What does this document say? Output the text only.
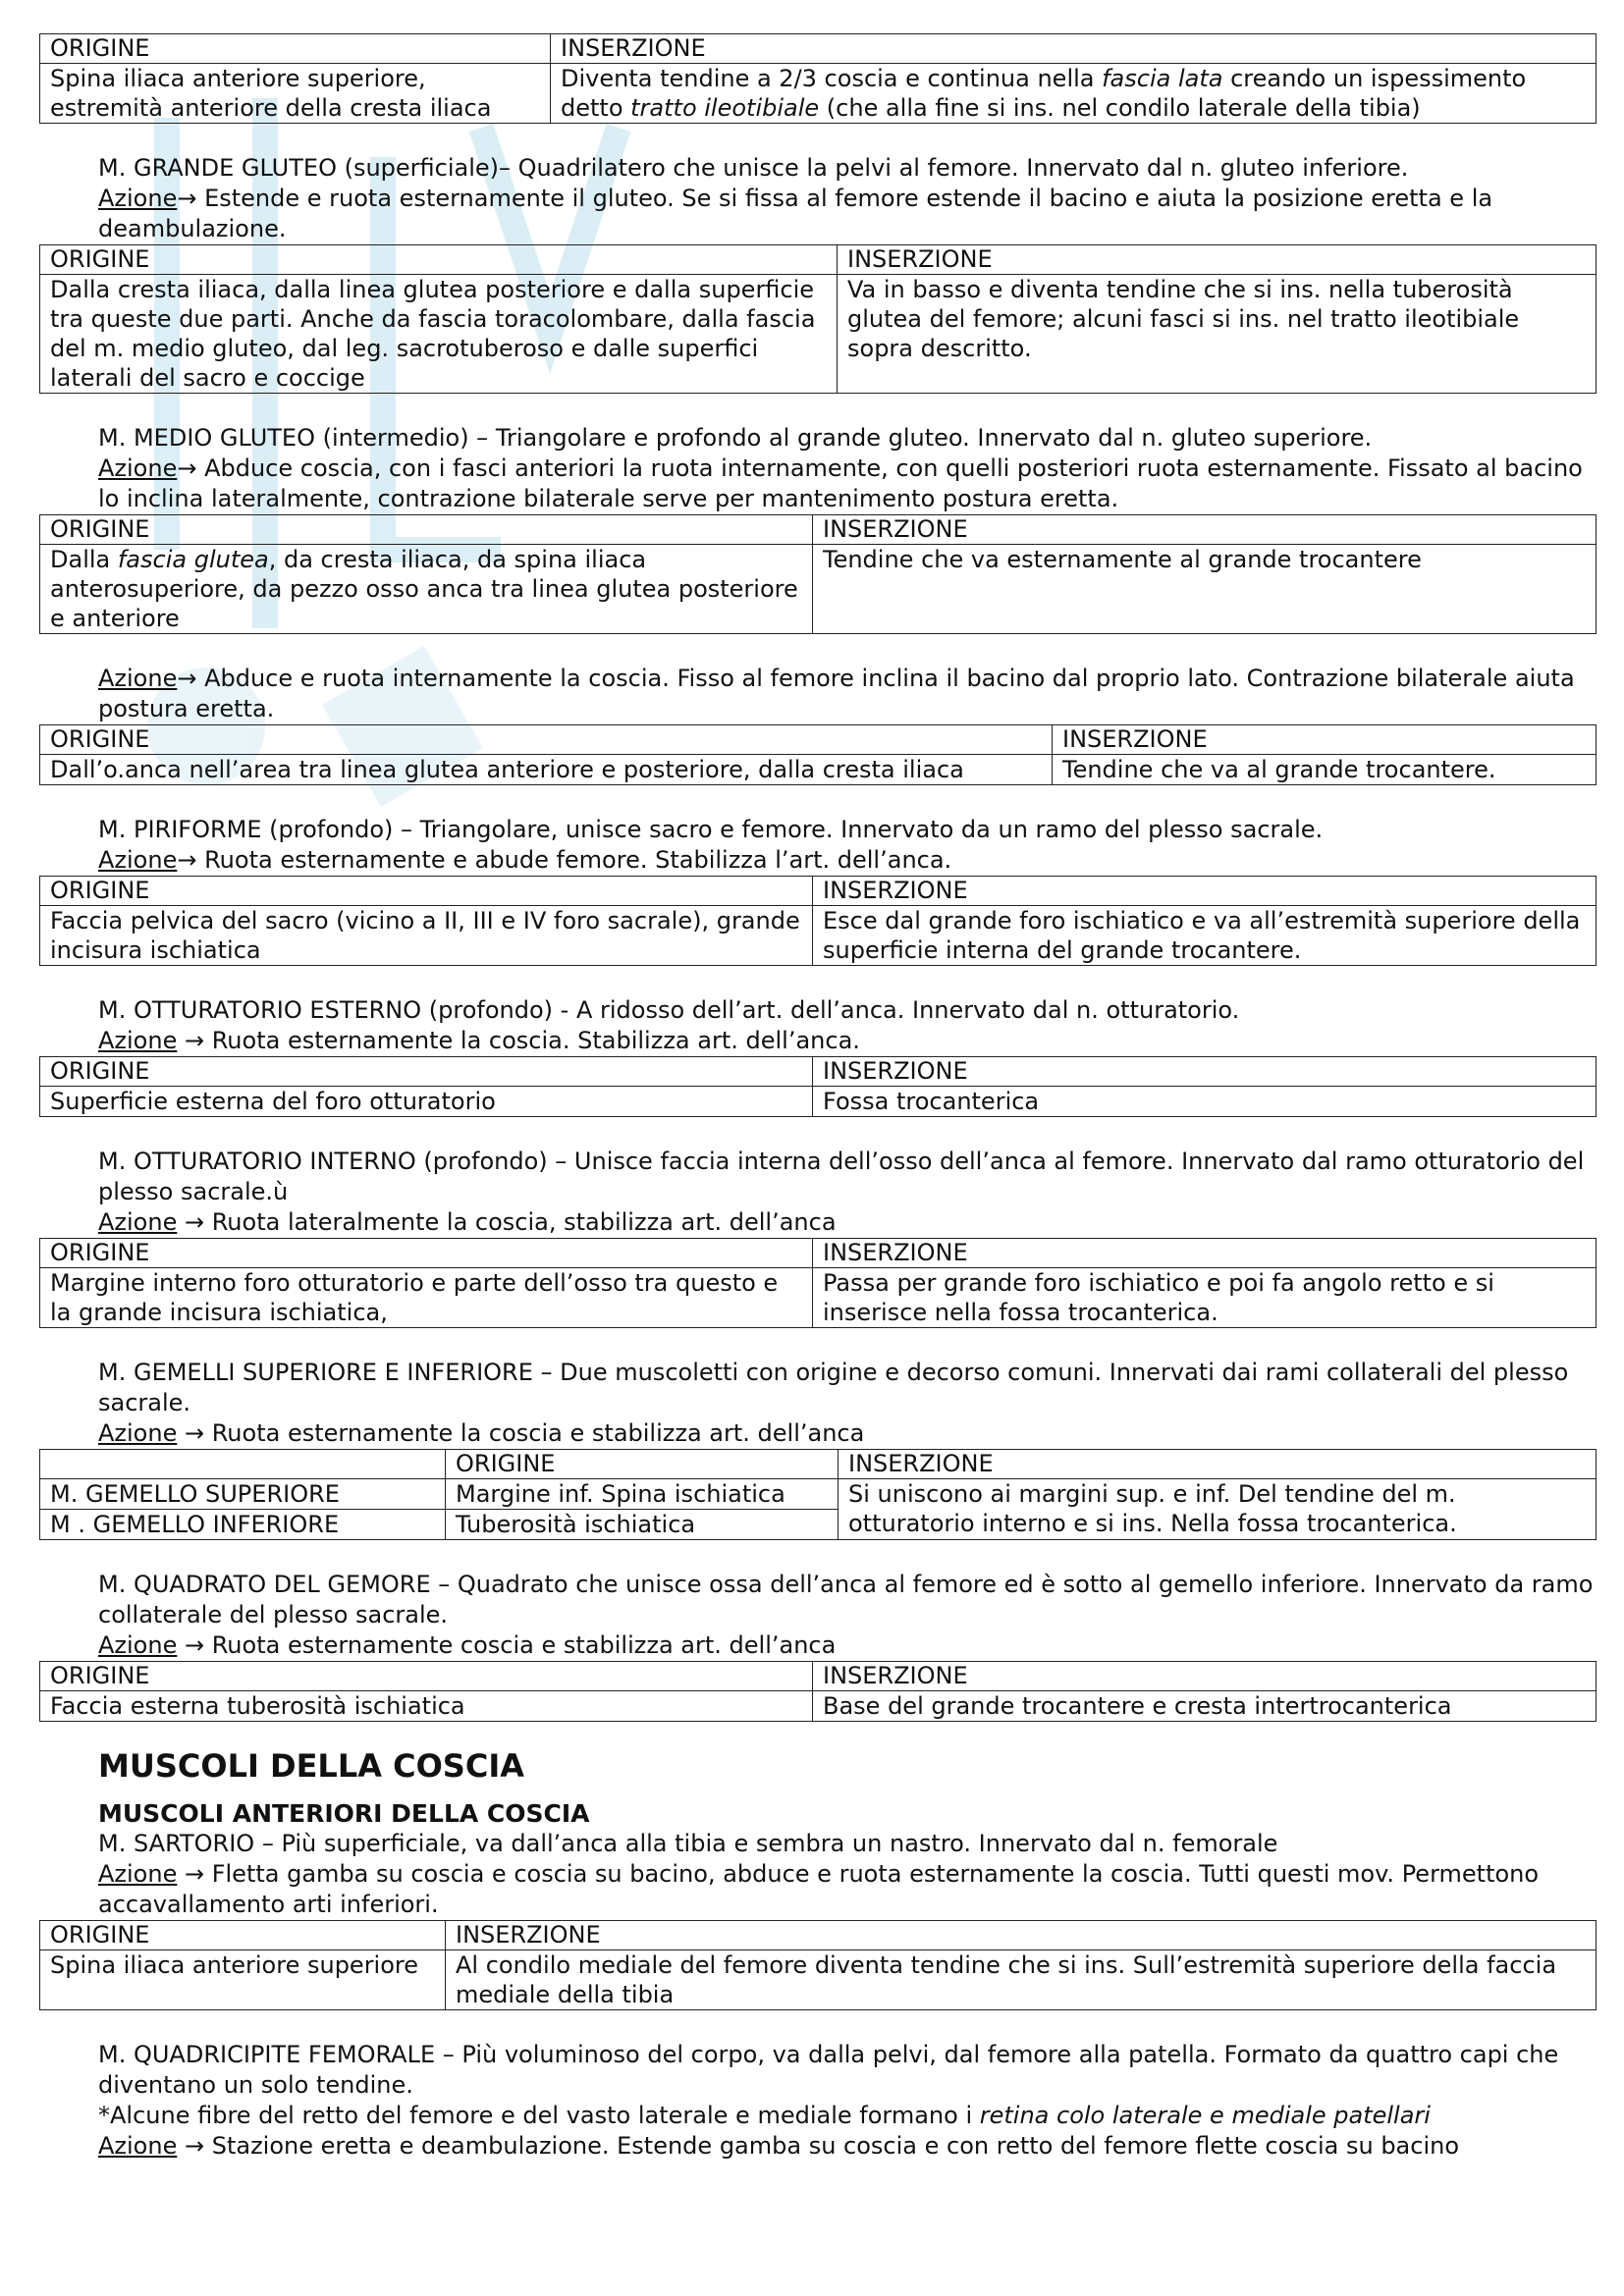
ORIGINE	INSERZIONE
Spina iliaca anteriore superiore, estremità anteriore della cresta iliaca	Diventa tendine a 2/3 coscia e continua nella fascia lata creando un ispessimento detto tratto ileotibiale (che alla fine si ins. nel condilo laterale della tibia)
M. GRANDE GLUTEO (superficiale)– Quadrilatero che unisce la pelvi al femore. Innervato dal n. gluteo inferiore.
Azione→ Estende e ruota esternamente il gluteo. Se si fissa al femore estende il bacino e aiuta la posizione eretta e la deambulazione.
ORIGINE	INSERZIONE
Dalla cresta iliaca, dalla linea glutea posteriore e dalla superficie tra queste due parti. Anche da fascia toracolombare, dalla fascia del m. medio gluteo, dal leg. sacrotuberoso e dalle superfici laterali del sacro e coccige	Va in basso e diventa tendine che si ins. nella tuberosità glutea del femore; alcuni fasci si ins. nel tratto ileotibiale sopra descritto.
M. MEDIO GLUTEO (intermedio) – Triangolare e profondo al grande gluteo. Innervato dal n. gluteo superiore.
Azione→ Abduce coscia, con i fasci anteriori la ruota internamente, con quelli posteriori ruota esternamente. Fissato al bacino lo inclina lateralmente, contrazione bilaterale serve per mantenimento postura eretta.
ORIGINE	INSERZIONE
Dalla fascia glutea, da cresta iliaca, da spina iliaca anterosuperiore, da pezzo osso anca tra linea glutea posteriore e anteriore	Tendine che va esternamente al grande trocantere
Azione→ Abduce e ruota internamente la coscia. Fisso al femore inclina il bacino dal proprio lato. Contrazione bilaterale aiuta postura eretta.
ORIGINE	INSERZIONE
Dall’o.anca nell’area tra linea glutea anteriore e posteriore, dalla cresta iliaca	Tendine che va al grande trocantere.
M. PIRIFORME (profondo) – Triangolare, unisce sacro e femore. Innervato da un ramo del plesso sacrale.
Azione→ Ruota esternamente e abude femore. Stabilizza l’art. dell’anca.
ORIGINE	INSERZIONE
Faccia pelvica del sacro (vicino a II, III e IV foro sacrale), grande incisura ischiatica	Esce dal grande foro ischiatico e va all’estremità superiore della superficie interna del grande trocantere.
M. OTTURATORIO ESTERNO (profondo) - A ridosso dell’art. dell’anca. Innervato dal n. otturatorio.
Azione → Ruota esternamente la coscia. Stabilizza art. dell’anca.
ORIGINE	INSERZIONE
Superficie esterna del foro otturatorio	Fossa trocanterica
M. OTTURATORIO INTERNO (profondo) – Unisce faccia interna dell’osso dell’anca al femore. Innervato dal ramo otturatorio del plesso sacrale.ù
Azione → Ruota lateralmente la coscia, stabilizza art. dell’anca
ORIGINE	INSERZIONE
Margine interno foro otturatorio e parte dell’osso tra questo e la grande incisura ischiatica,	Passa per grande foro ischiatico e poi fa angolo retto e si inserisce nella fossa trocanterica.
M. GEMELLI SUPERIORE E INFERIORE – Due muscoletti con origine e decorso comuni. Innervati dai rami collaterali del plesso sacrale.
Azione → Ruota esternamente la coscia e stabilizza art. dell’anca
	ORIGINE	INSERZIONE
M. GEMELLO SUPERIORE	Margine inf. Spina ischiatica	Si uniscono ai margini sup. e inf. Del tendine del m. otturatorio interno e si ins. Nella fossa trocanterica.
M . GEMELLO INFERIORE	Tuberosità ischiatica	
M. QUADRATO DEL GEMORE – Quadrato che unisce ossa dell’anca al femore ed è sotto al gemello inferiore. Innervato da ramo collaterale del plesso sacrale.
Azione → Ruota esternamente coscia e stabilizza art. dell’anca
ORIGINE	INSERZIONE
Faccia esterna tuberosità ischiatica	Base del grande trocantere e cresta intertrocanterica
MUSCOLI DELLA COSCIA
MUSCOLI ANTERIORI DELLA COSCIA
M. SARTORIO – Più superficiale, va dall’anca alla tibia e sembra un nastro. Innervato dal n. femorale
Azione → Fletta gamba su coscia e coscia su bacino, abduce e ruota esternamente la coscia. Tutti questi mov. Permettono accavallamento arti inferiori.
ORIGINE	INSERZIONE
Spina iliaca anteriore superiore	Al condilo mediale del femore diventa tendine che si ins. Sull’estremità superiore della faccia mediale della tibia
M. QUADRICIPITE FEMORALE – Più voluminoso del corpo, va dalla pelvi, dal femore alla patella. Formato da quattro capi che diventano un solo tendine.
*Alcune fibre del retto del femore e del vasto laterale e mediale formano i retina colo laterale e mediale patellari
Azione → Stazione eretta e deambulazione. Estende gamba su coscia e con retto del femore flette coscia su bacino
